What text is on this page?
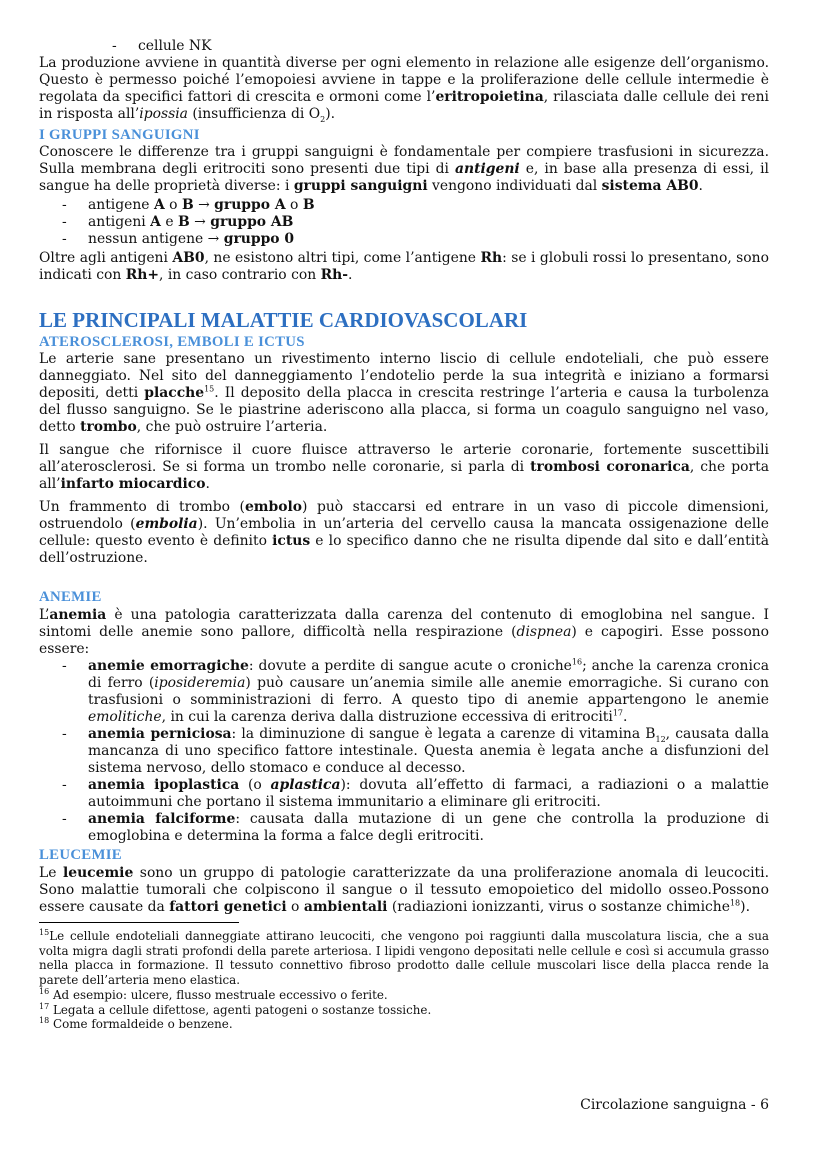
- cellule NK

La produzione avviene in quantità diverse per ogni elemento in relazione alle esigenze dell’organismo. Questo è permesso poiché l’emopoiesi avviene in tappe e la proliferazione delle cellule intermedie è regolata da specifici fattori di crescita e ormoni come l’eritropoietina, rilasciata dalle cellule dei reni in risposta all’ipossia (insufficienza di $O_2$).

I GRUPPI SANGUIGNI

Conoscere le differenze tra i gruppi sanguigni è fondamentale per compiere trasfusioni in sicurezza. Sulla membrana degli eritrociti sono presenti due tipi di antigeni e, in base alla presenza di essi, il sangue ha delle proprietà diverse: i gruppi sanguigni vengono individuati dal sistema AB0.

- antigene A o B → gruppo A o B
- antigeni A e B → gruppo AB
- nessun antigene → gruppo 0

Oltre agli antigeni AB0, ne esistono altri tipi, come l’antigene Rh: se i globuli rossi lo presentano, sono indicati con Rh+, in caso contrario con Rh-.

LE PRINCIPALI MALATTIE CARDIOVASCOLARI
ATEROSCLEROSI, EMBOLI E ICTUS

Le arterie sane presentano un rivestimento interno liscio di cellule endoteliali, che può essere danneggiato. Nel sito del danneggiamento l’endotelio perde la sua integrità e iniziano a formarsi depositi, detti placche$^{15}$. Il deposito della placca in crescita restringe l’arteria e causa la turbolenza del flusso sanguigno. Se le piastrine aderiscono alla placca, si forma un coagulo sanguigno nel vaso, detto trombo, che può ostruire l’arteria.

Il sangue che rifornisce il cuore fluisce attraverso le arterie coronarie, fortemente suscettibili all’aterosclerosi. Se si forma un trombo nelle coronarie, si parla di trombosi coronarica, che porta all’infarto miocardico.

Un frammento di trombo (embolo) può staccarsi ed entrare in un vaso di piccole dimensioni, ostruendolo (embolia). Un’embolia in un’arteria del cervello causa la mancata ossigenazione delle cellule: questo evento è definito ictus e lo specifico danno che ne risulta dipende dal sito e dall’entità dell’ostruzione.

ANEMIE

L’anemia è una patologia caratterizzata dalla carenza del contenuto di emoglobina nel sangue. I sintomi delle anemie sono pallore, difficoltà nella respirazione (dispnea) e capogiri. Esse possono essere:

- anemie emorragiche: dovute a perdite di sangue acute o croniche$^{16}$; anche la carenza cronica di ferro (iposideremia) può causare un’anemia simile alle anemie emorragiche. Si curano con trasfusioni o somministrazioni di ferro. A questo tipo di anemie appartengono le anemie emolitiche, in cui la carenza deriva dalla distruzione eccessiva di eritrociti$^{17}$.
- anemia perniciosa: la diminuzione di sangue è legata a carenze di vitamina $B_{12}$, causata dalla mancanza di uno specifico fattore intestinale. Questa anemia è legata anche a disfunzioni del sistema nervoso, dello stomaco e conduce al decesso.
- anemia ipoplastica (o aplastica): dovuta all’effetto di farmaci, a radiazioni o a malattie autoimmuni che portano il sistema immunitario a eliminare gli eritrociti.
- anemia falciforme: causata dalla mutazione di un gene che controlla la produzione di emoglobina e determina la forma a falce degli eritrociti.
LEUCEMIE

Le leucemie sono un gruppo di patologie caratterizzate da una proliferazione anomala di leucociti. Sono malattie tumorali che colpiscono il sangue o il tessuto emopoietico del midollo osseo.Possono essere causate da fattori genetici o ambientali (radiazioni ionizzanti, virus o sostanze chimiche$^{18}$).

$^{15}$Le cellule endoteliali danneggiate attirano leucociti, che vengono poi raggiunti dalla muscolatura liscia, che a sua volta migra dagli strati profondi della parete arteriosa. I lipidi vengono depositati nelle cellule e così si accumula grasso nella placca in formazione. Il tessuto connettivo fibroso prodotto dalle cellule muscolari lisce della placca rende la parete dell’arteria meno elastica.
$^{16}$ Ad esempio: ulcere, flusso mestruale eccessivo o ferite.
$^{17}$ Legata a cellule difettose, agenti patogeni o sostanze tossiche.
$^{18}$ Come formaldeide o benzene.
Circolazione sanguigna - 6
